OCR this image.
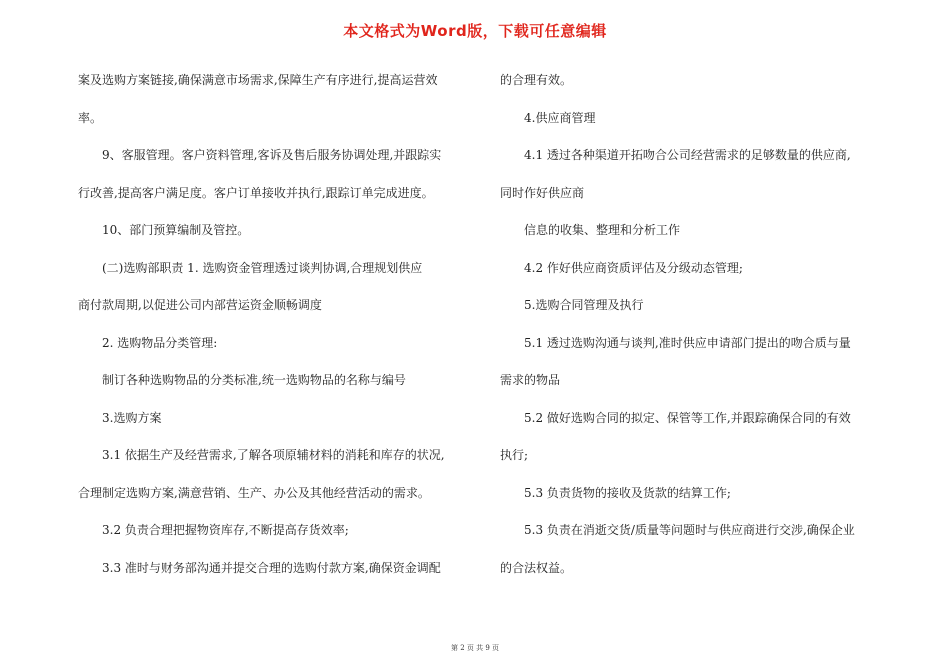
本文格式为Word版，下载可任意编辑
案及选购方案链接,确保满意市场需求,保障生产有序进行,提高运营效
率。
9、客服管理。客户资料管理,客诉及售后服务协调处理,并跟踪实
行改善,提高客户满足度。客户订单接收并执行,跟踪订单完成进度。
10、部门预算编制及管控。
(二)选购部职责 1. 选购资金管理透过谈判协调,合理规划供应
商付款周期,以促进公司内部营运资金顺畅调度
2. 选购物品分类管理:
制订各种选购物品的分类标准,统一选购物品的名称与编号
3.选购方案
3.1 依据生产及经营需求,了解各项原辅材料的消耗和库存的状况,
合理制定选购方案,满意营销、生产、办公及其他经营活动的需求。
3.2 负责合理把握物资库存,不断提高存货效率;
3.3 准时与财务部沟通并提交合理的选购付款方案,确保资金调配
的合理有效。
4.供应商管理
4.1 透过各种渠道开拓吻合公司经营需求的足够数量的供应商,
同时作好供应商
信息的收集、整理和分析工作
4.2 作好供应商资质评估及分级动态管理;
5.选购合同管理及执行
5.1 透过选购沟通与谈判,准时供应申请部门提出的吻合质与量
需求的物品
5.2 做好选购合同的拟定、保管等工作,并跟踪确保合同的有效
执行;
5.3 负责货物的接收及货款的结算工作;
5.3 负责在消逝交货/质量等问题时与供应商进行交涉,确保企业
的合法权益。
第 2 页 共 9 页
